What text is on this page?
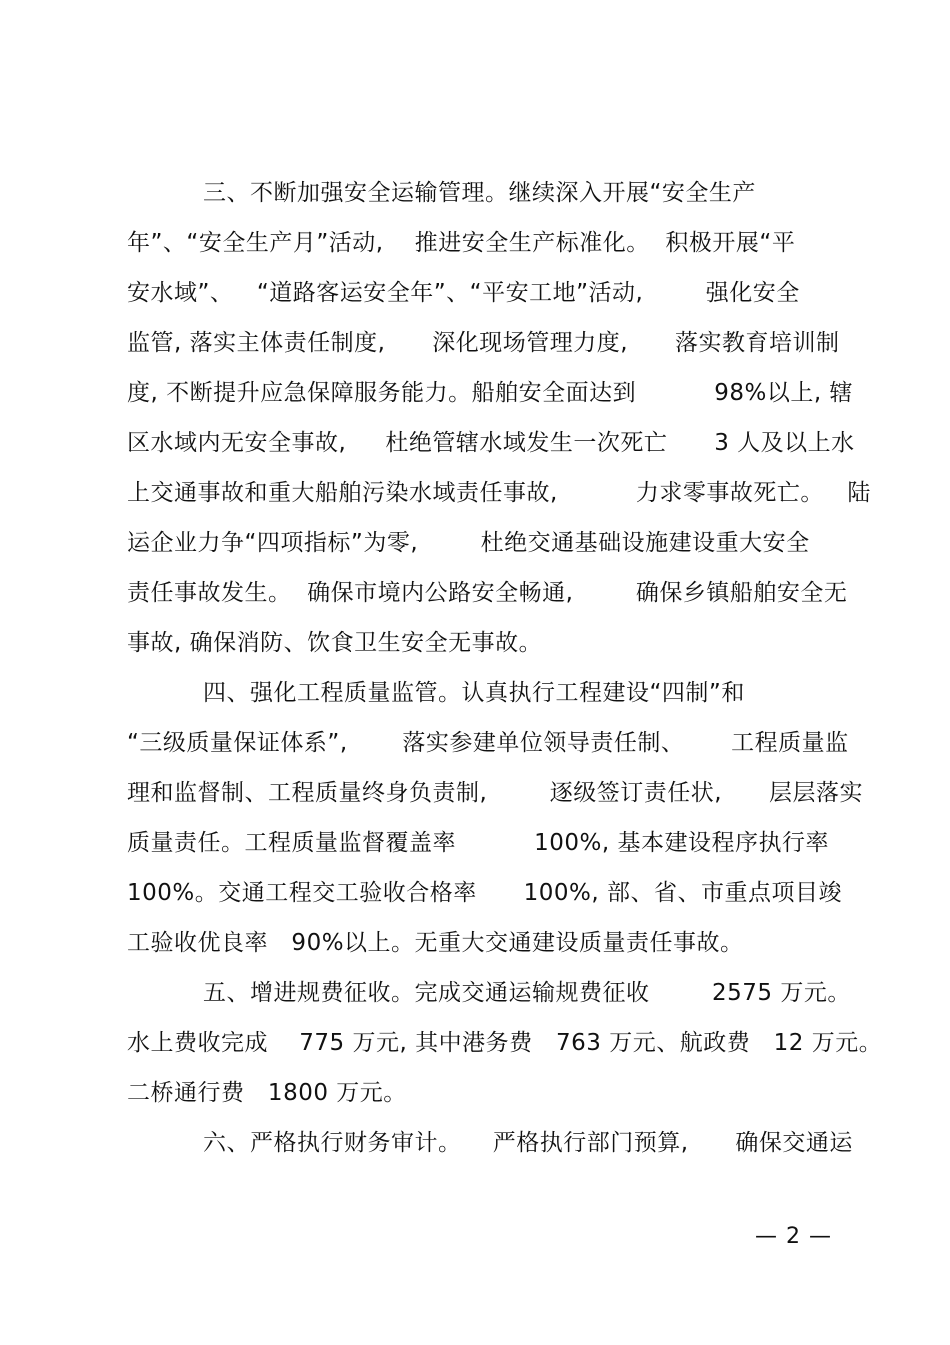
三、不断加强安全运输管理。继续深入开展“安全生产
年”、“安全生产月”活动,    推进安全生产标准化。  积极开展“平
安水域”、   “道路客运安全年”、“平安工地”活动,        强化安全
监管, 落实主体责任制度,      深化现场管理力度,      落实教育培训制
度, 不断提升应急保障服务能力。船舶安全面达到          98%以上, 辖
区水域内无安全事故,     杜绝管辖水域发生一次死亡      3 人及以上水
上交通事故和重大船舶污染水域责任事故,          力求零事故死亡。   陆
运企业力争“四项指标”为零,        杜绝交通基础设施建设重大安全
责任事故发生。  确保市境内公路安全畅通,        确保乡镇船舶安全无
事故, 确保消防、饮食卫生安全无事故。
四、强化工程质量监管。认真执行工程建设“四制”和
“三级质量保证体系”,       落实参建单位领导责任制、      工程质量监
理和监督制、工程质量终身负责制,        逐级签订责任状,      层层落实
质量责任。工程质量监督覆盖率          100%, 基本建设程序执行率
100%。交通工程交工验收合格率      100%, 部、省、市重点项目竣
工验收优良率   90%以上。无重大交通建设质量责任事故。
五、增进规费征收。完成交通运输规费征收        2575 万元。
水上费收完成    775 万元, 其中港务费   763 万元、航政费   12 万元。
二桥通行费   1800 万元。
六、严格执行财务审计。    严格执行部门预算,      确保交通运
— 2 —
